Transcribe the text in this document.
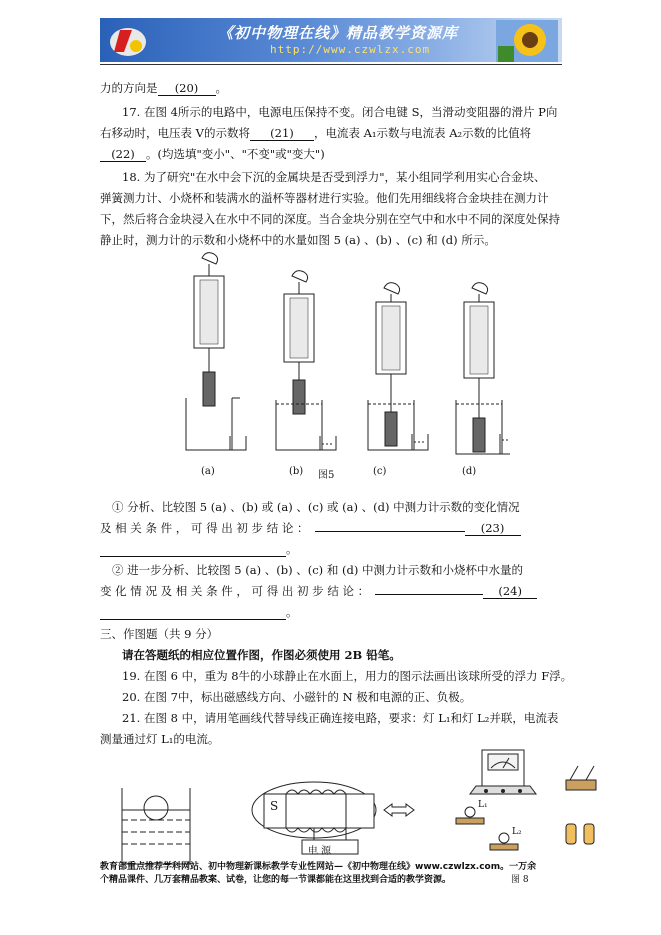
《初中物理在线》精品教学资源库
http://www.czwlzx.com
力的方向是 (20) 。
17. 在图 4所示的电路中，电源电压保持不变。闭合电键 S，当滑动变阻器的滑片 P向
右移动时，电压表 V的示数将 (21) ，电流表 A₁示数与电流表 A₂示数的比值将
(22) 。(均选填"变小"、"不变"或"变大")
18. 为了研究"在水中会下沉的金属块是否受到浮力"，某小组同学利用实心合金块、
弹簧测力计、小烧杯和装满水的溢杯等器材进行实验。他们先用细线将合金块挂在测力计
下，然后将合金块浸入在水中不同的深度。当合金块分别在空气中和水中不同的深度处保持
静止时，测力计的示数和小烧杯中的水量如图 5 (a) 、(b) 、(c) 和 (d) 所示。
(a)	(b) 图5	(c)	(d)
① 分析、比较图 5 (a) 、(b) 或 (a) 、(c) 或 (a) 、(d) 中测力计示数的变化情况
及 相 关 条 件 ， 可 得 出 初 步 结 论 ：	(23)
。
② 进一步分析、比较图 5 (a) 、(b) 、(c) 和 (d) 中测力计示数和小烧杯中水量的
变 化 情 况 及 相 关 条 件 ， 可 得 出 初 步 结 论 ：	(24)
。
三、作图题（共 9 分）
请在答题纸的相应位置作图，作图必须使用 2B 铅笔。
19. 在图 6 中，重为 8牛的小球静止在水面上，用力的图示法画出该球所受的浮力 F浮。
20. 在图 7中，标出磁感线方向、小磁针的 N 极和电源的正、负极。
21. 在图 8 中，请用笔画线代替导线正确连接电路，要求：灯 L₁和灯 L₂并联，电流表
测量通过灯 L₁的电流。
S
电 源
L₁
L₂
图 8
教育部重点推荐学科网站、初中物理新课标教学专业性网站—《初中物理在线》www.czwlzx.com。一万余
个精品课件、几万套精品教案、试卷，让您的每一节课都能在这里找到合适的教学资源。
